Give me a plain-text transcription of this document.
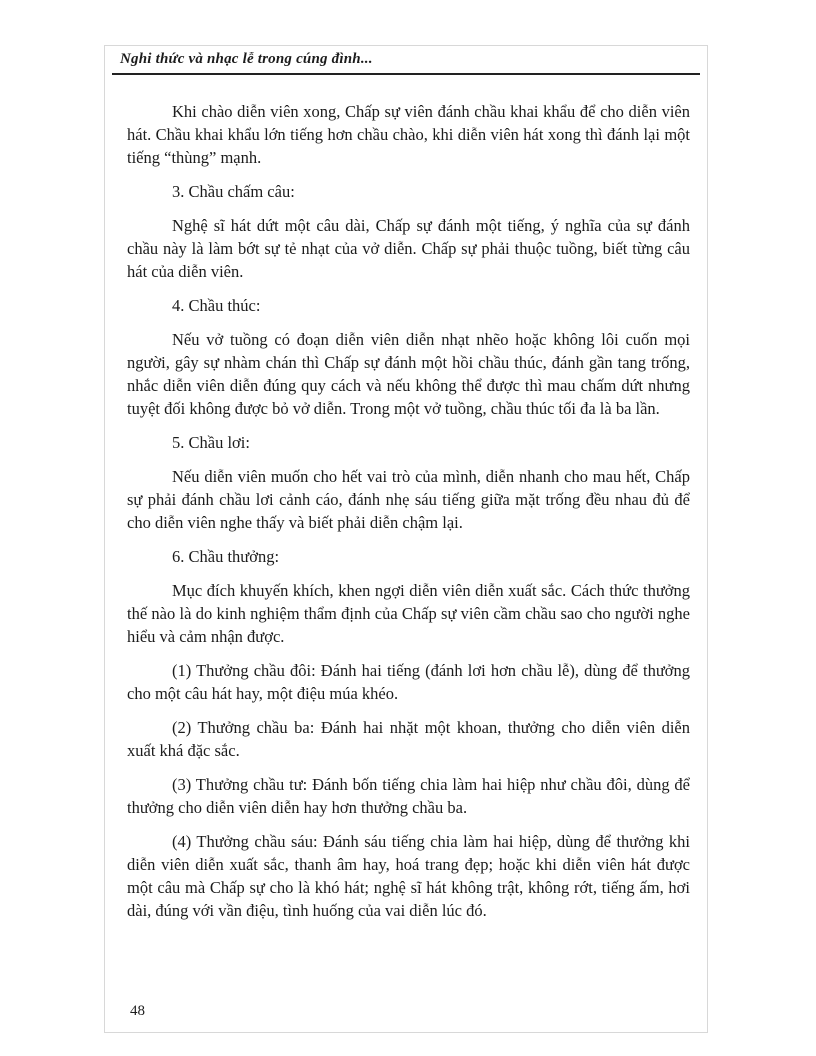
Nghi thức và nhạc lễ trong cúng đình...

Khi chào diễn viên xong, Chấp sự viên đánh chầu khai khẩu để cho diễn viên hát. Chầu khai khẩu lớn tiếng hơn chầu chào, khi diễn viên hát xong thì đánh lại một tiếng “thùng” mạnh.

3. Chầu chấm câu:

Nghệ sĩ hát dứt một câu dài, Chấp sự đánh một tiếng, ý nghĩa của sự đánh chầu này là làm bớt sự tẻ nhạt của vở diễn. Chấp sự phải thuộc tuồng, biết từng câu hát của diễn viên.

4. Chầu thúc:

Nếu vở tuồng có đoạn diễn viên diễn nhạt nhẽo hoặc không lôi cuốn mọi người, gây sự nhàm chán thì Chấp sự đánh một hồi chầu thúc, đánh gần tang trống, nhắc diễn viên diễn đúng quy cách và nếu không thể được thì mau chấm dứt nhưng tuyệt đối không được bỏ vở diễn. Trong một vở tuồng, chầu thúc tối đa là ba lần.

5. Chầu lơi:

Nếu diễn viên muốn cho hết vai trò của mình, diễn nhanh cho mau hết, Chấp sự phải đánh chầu lơi cảnh cáo, đánh nhẹ sáu tiếng giữa mặt trống đều nhau đủ để cho diễn viên nghe thấy và biết phải diễn chậm lại.

6. Chầu thưởng:

Mục đích khuyến khích, khen ngợi diễn viên diễn xuất sắc. Cách thức thưởng thế nào là do kinh nghiệm thẩm định của Chấp sự viên cầm chầu sao cho người nghe hiểu và cảm nhận được.

(1) Thưởng chầu đôi: Đánh hai tiếng (đánh lơi hơn chầu lễ), dùng để thưởng cho một câu hát hay, một điệu múa khéo.

(2) Thưởng chầu ba: Đánh hai nhặt một khoan, thưởng cho diễn viên diễn xuất khá đặc sắc.

(3) Thưởng chầu tư: Đánh bốn tiếng chia làm hai hiệp như chầu đôi, dùng để thưởng cho diễn viên diễn hay hơn thưởng chầu ba.

(4) Thưởng chầu sáu: Đánh sáu tiếng chia làm hai hiệp, dùng để thưởng khi diễn viên diễn xuất sắc, thanh âm hay, hoá trang đẹp; hoặc khi diễn viên hát được một câu mà Chấp sự cho là khó hát; nghệ sĩ hát không trật, không rớt, tiếng ấm, hơi dài, đúng với vần điệu, tình huống của vai diễn lúc đó.

48
